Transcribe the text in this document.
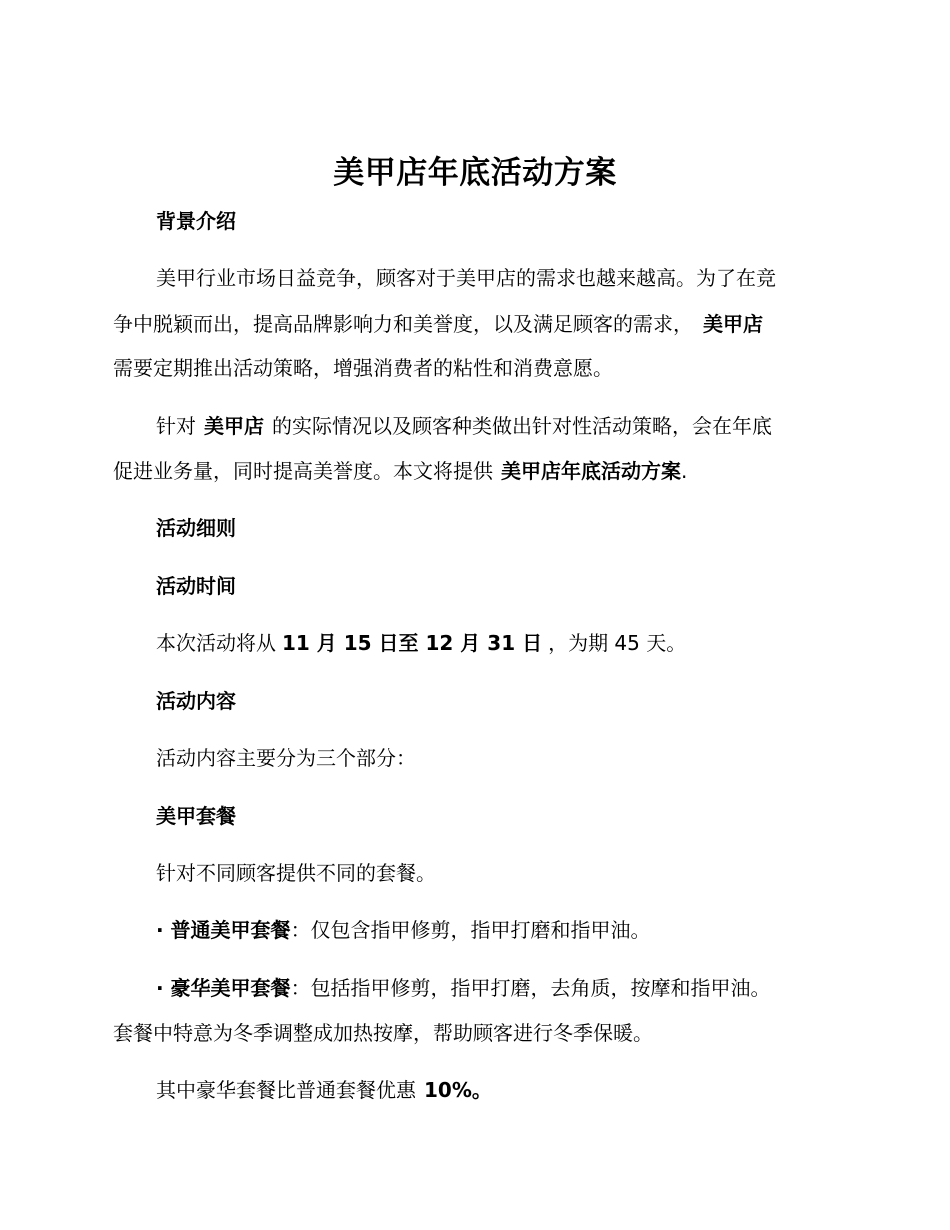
美甲店年底活动方案
背景介绍
美甲行业市场日益竞争，顾客对于美甲店的需求也越来越高。为了在竞
争中脱颖而出，提高品牌影响力和美誉度，以及满足顾客的需求， 美甲店
需要定期推出活动策略，增强消费者的粘性和消费意愿。
针对 美甲店 的实际情况以及顾客种类做出针对性活动策略，会在年底
促进业务量，同时提高美誉度。本文将提供 美甲店年底活动方案.
活动细则
活动时间
本次活动将从 11 月 15 日至 12 月 31 日 ，为期 45 天。
活动内容
活动内容主要分为三个部分：
美甲套餐
针对不同顾客提供不同的套餐。
· 普通美甲套餐：仅包含指甲修剪，指甲打磨和指甲油。
· 豪华美甲套餐：包括指甲修剪，指甲打磨，去角质，按摩和指甲油。
套餐中特意为冬季调整成加热按摩，帮助顾客进行冬季保暖。
其中豪华套餐比普通套餐优惠 10%。
